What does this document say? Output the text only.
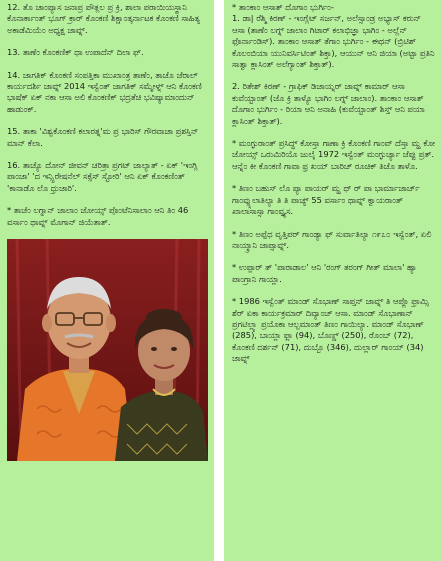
12. ತೊ ಚಾಂಪ್ಯಾಸ ಜನಾಪ್ರ ಪೌತ್ಲಲ ಪ್ರ ಕ್ರಿ, ಶಾಲಾ ಪರಾಯಿಯಸ್ಥಾನಿ ಕೊನಾರ್ಕಾಂತ್ ಭೂಗ್ ಕ್ರಾರ್ ಕೊಂಕಣಿ ಶಿಕ್ಷಾಂತ್ಕರ್ನಾಟಕ ಕೊಂಕಣಿ ಸಾಹಿತ್ಯ ಅಕಾಡೆಮಿಯೆಂ ಅಧ್ಯಕ್ಷ ಜಾವ್ನ್.

13. ತಾಣೆಂ ಕೊಂಕಣಿಕ್ ಧಾ ಉಪಾದೆನ್ ದಿಲಾ ಫ್.

14. ಜಾಗತಿಕ್ ಕೊಂಕಣಿ ಸಂಪತ್ತಿಕಾ ಮುಖಾಂತ್ರ ತಾಣೆಂ, ತಾಚೊ ಜೆರಾಲ್ ಕಾರ್ಯದರ್ಶಿ ಜಾವ್ನ್ 2014 ಇಸ್ವೆಂತ್ ಜಾಗತಿಕ್ ಸಮ್ಮೇಳ್ನ್ ಆನಿ ಕೊಂಕಣಿ ಭಾಷೆಕ್ ಏಕ್ ನಕಾ ಆಸಾ ಅಲಿ ಕೊಂಕಣಿಕ್ ಭದ್ರತೆಚಿ ಭವಿಷ್ಯಾಮಾಂದುನ್ ಹಾಡುಂಕ್.

15. ತಾಕಾ 'ವಿಶ್ವಕೊಂಕಣಿ ಕಲಾರತ್ನ'ಮ ಪ್ರ ಭಾರಿಸ್ ಗೌರವಾಚಾ ಪ್ರಶಸ್ತಿನ್ ಮಾನ್ ಕೆಲಾ.

16. ತಾಚ್ಯೊ ದೋನ್ ಜೀವನ್ ಚರಿತ್ರಾ ಪ್ರಗಟ್ ಜಾಲ್ಯಾತ್ - ಏಕ್ 'ಇಂಗ್ಲಿ ಪಾಂಜಾ' 'ದ ಇನ್ಸ್ಪಿರೇಷನೆಲ್ ಸಕ್ಸೆಸ್ ಸ್ಟೋರಿ' ಆನಿ ಏಕ್ ಕೊಂಕಣಿಂತ್ 'ಕಾನಾಡೊ ಲೊ ಧ್ರುಜಾರಿ'.

* ತಾಚೆಂ ಲಗ್ನಾನ್ ಜಾಲಾಂ ಜೋಯ್ಸ್ ಪೊಂಟೆನಿಸಾಲಾಂ ಆನಿ ತಿಂ 46 ವರ್ಸಾಂ ಥಾವ್ನ್ ಮೊಗಾನ್ ಜಿಯೆತಾತ್.

* ತಾಂಕಾಂ ಆಸಾತ್ ದೊಗಾಂ ಭುರ್ಗಿಂ-

1. ಡಾ| ರೆಶ್ಮಿ ಕಿರಣ್ - ಇಂಗ್ಲೆಟ್ ಸರ್ಜನ್, ಅಲೆಸ್ಸಾಂಡ್ರ ಅಭ್ಯಾಸ್ ಕರುನ್ ಆಸಾ (ತಾಣೆಂ ಲಗ್ನ್ ಜಾಲಾಂ ಗಿಟಾರ್ ಕಲಾಭಿಜ್ಞಾ ಭಾಗಿಂ - ಅಲ್ಲೆನ್ ಫೊರ್ನಾಂಡಿಸ್). ತಾಂಕಾಂ ಆಸಾತ್ ತೆಗಾಂ ಭುರ್ಗಿಂ - ಈಥನ್ (ಬ್ರಿಟಿಶ್ ಕೊಲಂಬಿಯಾ ಯುನಿವರ್ಸಿಟಿಂತ್ ಶಿಕ್ತಾ), ಆಯುನ್ ಆನಿ ಜಿಯಾ (ಅಟ್ಟಾ ಪ್ರತಿನಿ ಸಾತ್ವಾ ಕ್ಲಾಸಿಂತ್ ಅಲೆಗ್ಯಾಂತ್ ಶಿಕ್ತಾತ್).

2. ರಿತೇಶ್ ಕಿರಣ್ - ಗ್ರಾಫಿಕ್ ಡಿಜಾಯ್ನರ್ ಜಾವ್ನ್ ಕಾಮಾರ್ ಆಸಾ ಕುವೆಯ್ಟಾಂತ್ (ಜೊ ಕ್ರಿ ತಾಳ್ಯೊ ಭಾಗಿಂ ಲಗ್ನ್ ಜಾಲಾಂ). ತಾಂಕಾಂ ಆಸಾತ್ ದೊಗಾಂ ಭುರ್ಗಿಂ - ರಿಯಾ ಆನಿ ಅನಾಹಿ (ಕುವೆಯ್ಟಾಂತ್ ಶಿಸ್ತ್ ಆನಿ ಪಯಾ ಕ್ಲಾಸಿಂತ್ ಶಿಕ್ತಾತ್).

* ಮಂಗ್ಳುರಾಂತ್ ಪ್ರಸಿದ್ಧ್ ಕೋಸ್ತಾ ಗಾಣಾ ಕ್ರಿ ಕೊಂಕಣಿ ಗಾಂವ್ ದೆಸ್ತಾ ಮ್ಹ ಕೋ ಜೋಯ್ಸ್ ಒರುಮಿರಿಯೊ ಜುಲೈ 1972 ಇಸ್ವೆಂತ್ ಮಂಗ್ಳುರ್ಚ್ಯಾ ಜೆಪ್ಪು ಪ್ರತ್. ಆನ್ನೆಂ ಕೀ ಕೊಂಕಣಿ ಗಾವಾ ಫ್ರ ಖಯ್ ಬಾರಿಚ್ ರೂಚಿಕ್ ತಿಚೊ ತಾಳೊ.

* ತಿಣಂ ಬಹುಸ್ ಲೊ ಪ್ಯಾ ಪಾಯರ್ ಮ್ಹ ಥ್ ರ್ ಪಾ ಭಾರ್ಮಾಜಾರ್ಚ್ ಗಾಂವ್ಸ್ಸುಲಾತಿಲ್ಯಾ ತಿ ತಿ ಪಾಚ್ಯ್ 55 ವರ್ಸಾಂ ಥಾವ್ನ್ ಕ್ವಾಯರಾಂತ್ ಖಾಲಾಸಾಸ್ಸಾ ಗಾಂವ್ಸ್ತ್ಯಸ.

* ತಿಣಂ ಅಪ್ಪೆಧ ವೃತ್ತಿಪರ್ ಗಾಂಡ್ಯಾ ಫ್ ಸುರ್ವಾತಿಲ್ಯಾ ೧೯೭೦ ಇಸ್ವೆಂತ್, ಏಲಿ ನಾಯ್ಕ್ರಾನಿ ಜಾಪ್ಸಾವ್ನ್.

* ಉಪ್ಪಾರ್ ತ್ 'ಪಾರಾಡಾಲ' ಆನಿ 'ರಂಗ್ ತರಂಗ್ ಗೀತ್ ಮಾಲಾ' ಹ್ಯಾ ಪಾಂಗ್ರಾನಿ ಗಾಯ್ಲಾ.

* 1986 ಇಸ್ವೆಂತ್ ಮಾಂಡ್ ಸೊಭಾಣ್ ಸಾಪ್ತನ್ ಜಾವ್ನ್ ತಿ ಆಪ್ಲೊ ಫ್ರಾಮ್ಸಿ ಶೆರ್ ಏಕಾ ಕಾರ್ಯಕ್ರಮಾರ್ ದಿವ್ಯಾಂಚ್ ಆಸಾ. ಮಾಂಡ್ ಸೊಭಾಣಾನ್ ಪ್ರಗಟಿಲ್ಲ್ಯಾ ಪ್ರಯೊಕಾ ಆಲ್ಬಮಾಂತ್ ತಿಣಂ ಗಾಯಿಲ್ಯಾ. ಮಾಂಡ್ ಸೊಭಾಣ್ (285), ಬಾಯ್ಲಾ ಫ್ಲಾ (94), ಬೊಣ್ಣ್ (250), ರೊಂಬ್ (72), ಕೊಂಕಣಿ ದರ್ಶನ್ (71), ದುಬ್ಬೊ (346), ದುಲ್ಲಾರ್ ಗಾಂಯ್ (34) ಜಾವ್ನ್
